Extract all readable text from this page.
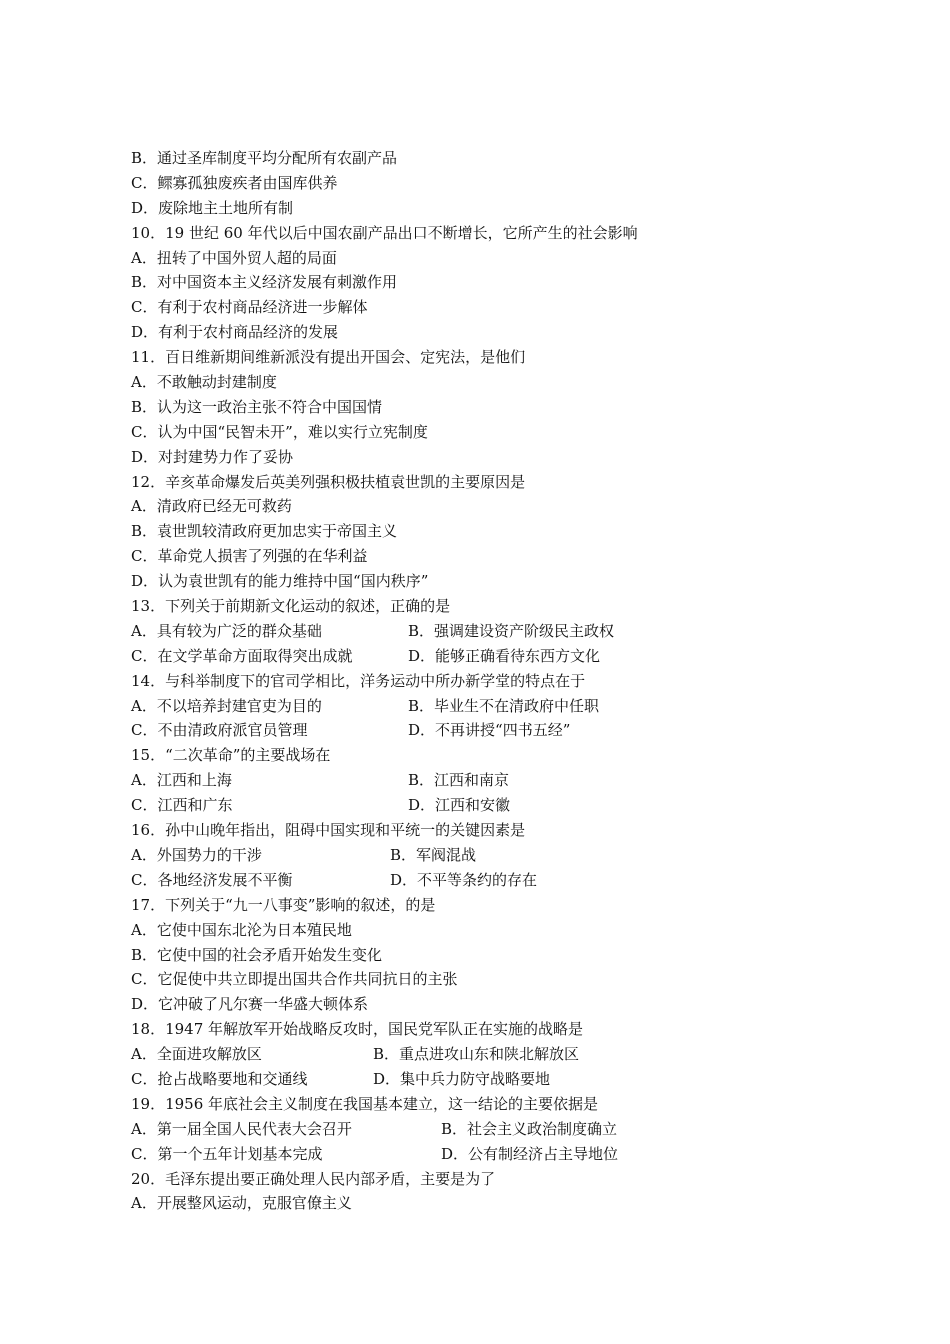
B．通过圣库制度平均分配所有农副产品
C．鳏寡孤独废疾者由国库供养
D．废除地主土地所有制
10．19 世纪 60 年代以后中国农副产品出口不断增长，它所产生的社会影响
A．扭转了中国外贸人超的局面
B．对中国资本主义经济发展有刺激作用
C．有利于农村商品经济进一步解体
D．有利于农村商品经济的发展
11．百日维新期间维新派没有提出开国会、定宪法，是他们
A．不敢触动封建制度
B．认为这一政治主张不符合中国国情
C．认为中国“民智未开”，难以实行立宪制度
D．对封建势力作了妥协
12．辛亥革命爆发后英美列强积极扶植袁世凯的主要原因是
A．清政府已经无可救药
B．袁世凯较清政府更加忠实于帝国主义
C．革命党人损害了列强的在华利益
D．认为袁世凯有的能力维持中国“国内秩序”
13．下列关于前期新文化运动的叙述，正确的是
A．具有较为广泛的群众基础	B．强调建设资产阶级民主政权
C．在文学革命方面取得突出成就	D．能够正确看待东西方文化
14．与科举制度下的官司学相比，洋务运动中所办新学堂的特点在于
A．不以培养封建官吏为目的	B．毕业生不在清政府中任职
C．不由清政府派官员管理	D．不再讲授“四书五经”
15．“二次革命”的主要战场在
A．江西和上海	B．江西和南京
C．江西和广东	D．江西和安徽
16．孙中山晚年指出，阻碍中国实现和平统一的关键因素是
A．外国势力的干涉	B．军阀混战
C．各地经济发展不平衡	D．不平等条约的存在
17．下列关于“九一八事变”影响的叙述，的是
A．它使中国东北沦为日本殖民地
B．它使中国的社会矛盾开始发生变化
C．它促使中共立即提出国共合作共同抗日的主张
D．它冲破了凡尔赛一华盛大顿体系
18．1947 年解放军开始战略反攻时，国民党军队正在实施的战略是
A．全面进攻解放区	B．重点进攻山东和陕北解放区
C．抢占战略要地和交通线	D．集中兵力防守战略要地
19．1956 年底社会主义制度在我国基本建立，这一结论的主要依据是
A．第一届全国人民代表大会召开	B．社会主义政治制度确立
C．第一个五年计划基本完成	D．公有制经济占主导地位
20．毛泽东提出要正确处理人民内部矛盾，主要是为了
A．开展整风运动，克服官僚主义
